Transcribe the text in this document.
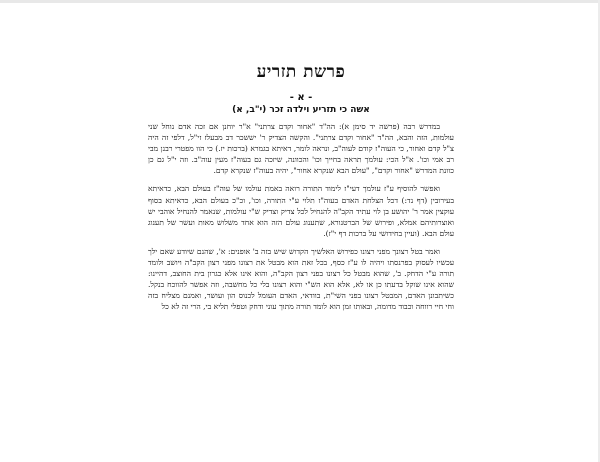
פרשת תזריע
- א -
אשה כי תזריע וילדה זכר (י"ב, א)

במדרש רבה (פרשה יד סימן א): הה"ד "אחור וקדם צרתני" א"ר יוחנן אם זכה אדם נוחל שני עולמות, הזה והבא, הה"ד "אחור וקדם צרתני". והקשה הצדיק ר' יששכר דב מבעלז זי"ל, דלפי זה היה צ"ל קדם ואחור, כי העוה"ז קודם לעוה"ב, ונראה לומר, דאיתא בגמרא (ברכות יז.) כי הוו מפטרי רבנן מבי רב אמי וכו'. א"ל הכי: עולמך תראה בחייך וכו' והכוונה, שיזכה גם בעוה"ז מעין עוה"ב. וזה י"ל גם כן כוונת המדרש "אחור וקדם", "עולם הבא שנקרא אחור", יהיה בעוה"ז שנקרא קדם.

ואפשר להוסיף ע"ז עולמך דעי"ז לימוד התורה רואה באמת עולמו של עוה"ז בעולם הבא, כדאיתא בעירובין (דף נד:) דכל הצלחת האדם בעוה"ז תלוי ע"י התורה, וכו', וכ"כ בעולם הבא, כדאיתא בסוף עוקצין אמר ר' יהושע בן לוי עתיד הקב"ה להנחיל לכל צדיק וצדיק ש"י עולמות, שנאמר להנחיל אוהבי יש ואוצרותיהם אמלא, ופירוש של הברטנורא, שתענוג עולם הזה הוא אחד משלוש מאות ועשר של תענוג עולם הבא. (ועיין בחידושי על ברכות דף י"ז).

ואמר בטל רצונך מפני רצונו כפירוש האלשיך הקדוש שיש בזה ב' אופנים: א', שהנם שיודע שאם ילך עכשיו לעסוק בפרנסתו ויהיה לו ע"ז כסף, בכל זאת הוא מבטל את רצונו מפני רצון הקב"ה ויושב ולומד תורה ע"י הדחק. ב', שהוא מבטל כל רצונו בפני רצון הקב"ה, והוא אינו אלא כגרון בית החוצב, דהיינו: שהוא אינו שוקל בדעתו כן או לא, אלא הוא הש"י והוא רצונו בלי כל מחשבה, וזה אפשר להווכח בנקל. כשיתבונן האדם, המבטל רצונו בפני השי"ת, בוודאי, האדם העומל לכנוס הון ועושר, ואמנם מצליח בזה וחי חיי רווחה וכבוד מדומה, ובאותו זמן הוא לומד תורה מתוך עוני ודחק וטפלי תליא בי, הרי זה לא כל
